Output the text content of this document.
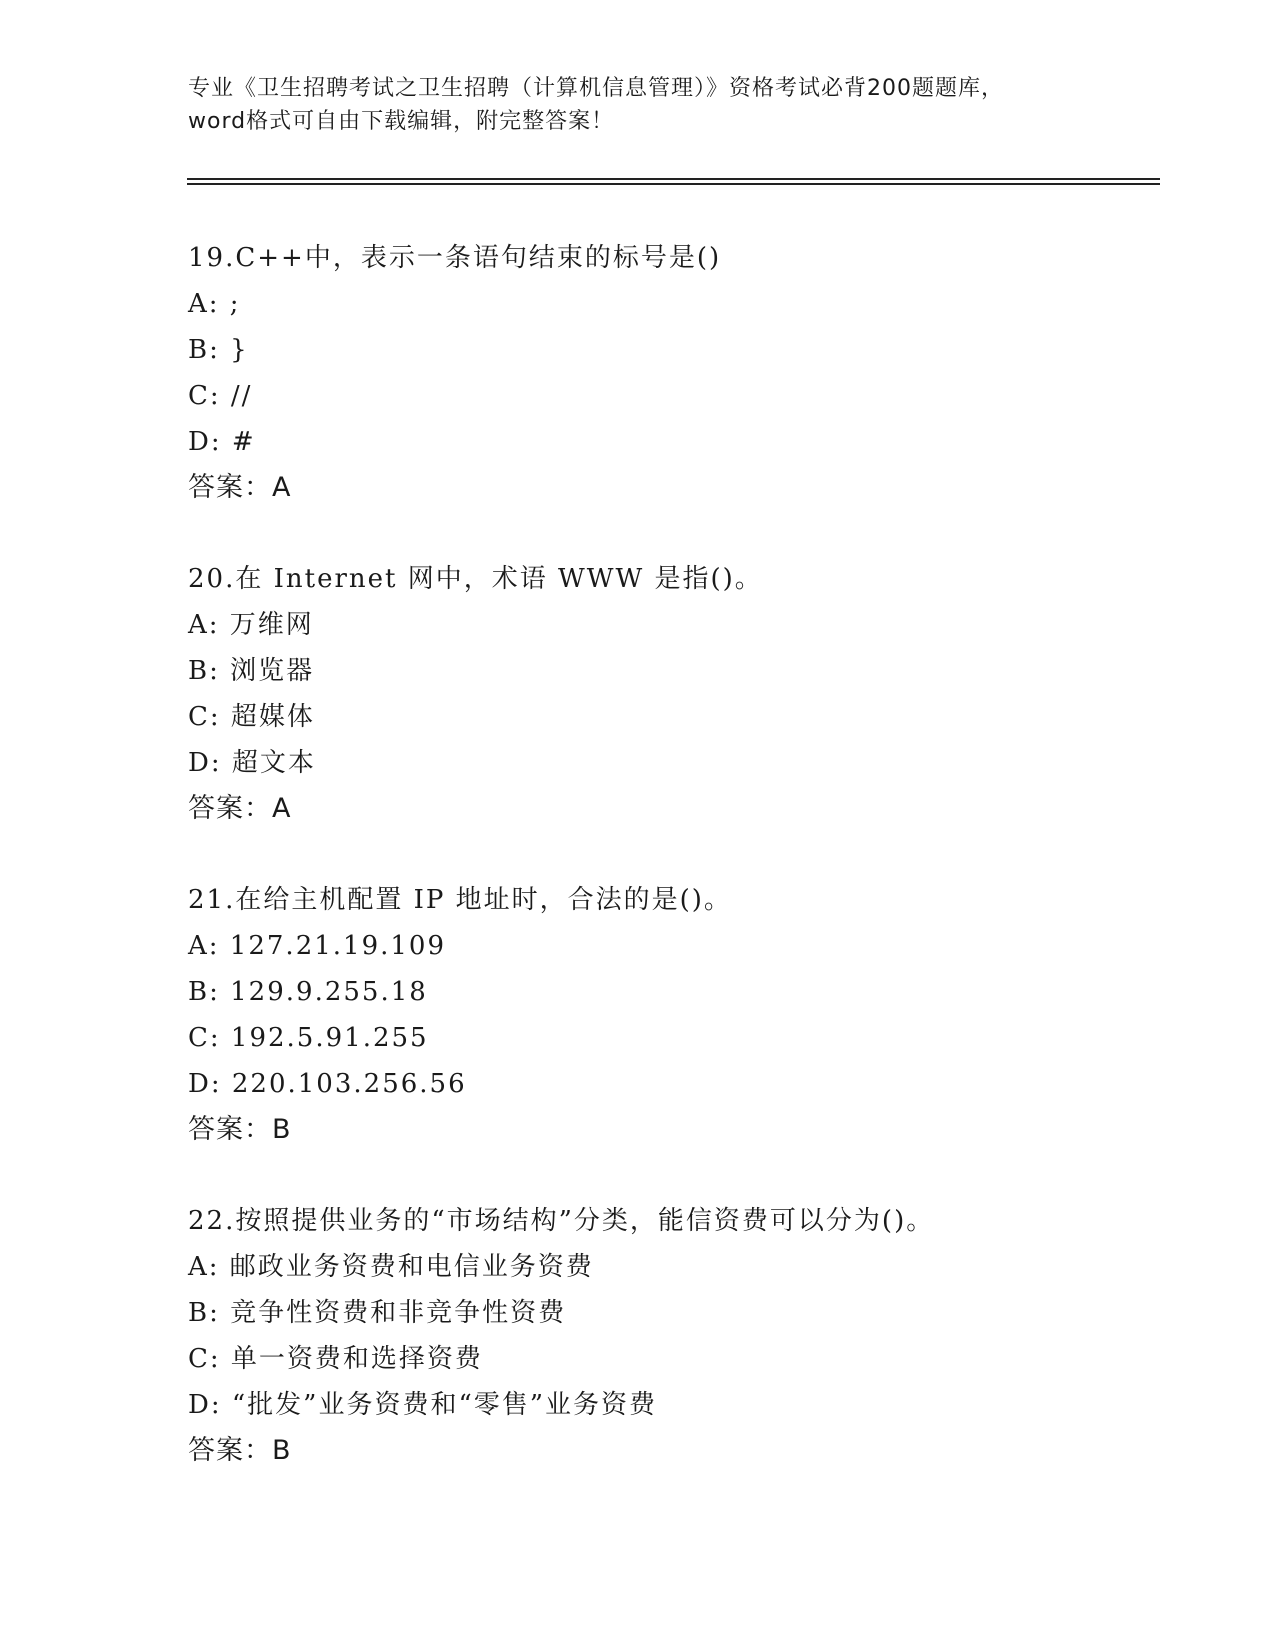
专业《卫生招聘考试之卫生招聘（计算机信息管理）》资格考试必背200题题库，
word格式可自由下载编辑，附完整答案！
19.C++中，表示一条语句结束的标号是()
A: ;
B: }
C: //
D: #
答案：A
20.在 Internet 网中，术语 WWW 是指()。
A: 万维网
B: 浏览器
C: 超媒体
D: 超文本
答案：A
21.在给主机配置 IP 地址时，合法的是()。
A: 127.21.19.109
B: 129.9.255.18
C: 192.5.91.255
D: 220.103.256.56
答案：B
22.按照提供业务的“市场结构”分类，能信资费可以分为()。
A: 邮政业务资费和电信业务资费
B: 竞争性资费和非竞争性资费
C: 单一资费和选择资费
D: “批发”业务资费和“零售”业务资费
答案：B
